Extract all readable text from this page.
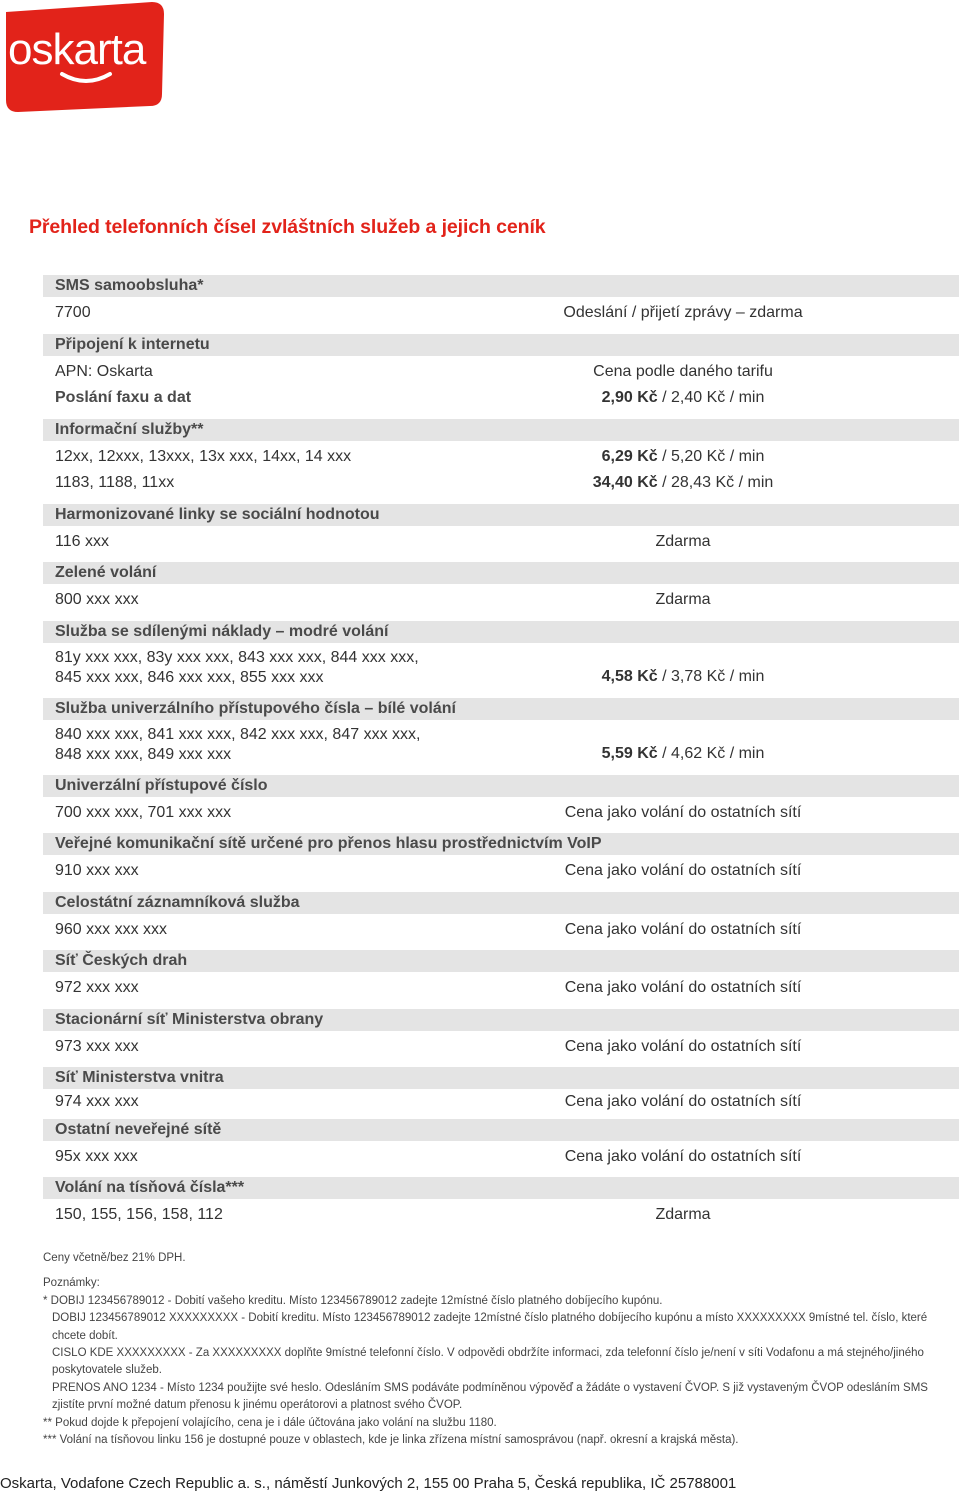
oskarta
Přehled telefonních čísel zvláštních služeb a jejich ceník
SMS samoobsluha*
7700	Odeslání / přijetí zprávy – zdarma
Připojení k internetu
APN: Oskarta	Cena podle daného tarifu
Poslání faxu a dat	2,90 Kč / 2,40 Kč / min
Informační služby**
12xx, 12xxx, 13xxx, 13x xxx, 14xx, 14 xxx	6,29 Kč / 5,20 Kč / min
1183, 1188, 11xx	34,40 Kč / 28,43 Kč / min
Harmonizované linky se sociální hodnotou
116 xxx	Zdarma
Zelené volání
800 xxx xxx	Zdarma
Služba se sdílenými náklady – modré volání
81y xxx xxx, 83y xxx xxx, 843 xxx xxx, 844 xxx xxx,
845 xxx xxx, 846 xxx xxx, 855 xxx xxx	4,58 Kč / 3,78 Kč / min
Služba univerzálního přístupového čísla – bílé volání
840 xxx xxx, 841 xxx xxx, 842 xxx xxx, 847 xxx xxx,
848 xxx xxx, 849 xxx xxx	5,59 Kč / 4,62 Kč / min
Univerzální přístupové číslo
700 xxx xxx, 701 xxx xxx	Cena jako volání do ostatních sítí
Veřejné komunikační sítě určené pro přenos hlasu prostřednictvím VoIP
910 xxx xxx	Cena jako volání do ostatních sítí
Celostátní záznamníková služba
960 xxx xxx xxx	Cena jako volání do ostatních sítí
Síť Českých drah
972 xxx xxx	Cena jako volání do ostatních sítí
Stacionární síť Ministerstva obrany
973 xxx xxx	Cena jako volání do ostatních sítí
Síť Ministerstva vnitra
974 xxx xxx	Cena jako volání do ostatních sítí
Ostatní neveřejné sítě
95x xxx xxx	Cena jako volání do ostatních sítí
Volání na tísňová čísla***
150, 155, 156, 158, 112	Zdarma

Ceny včetně/bez 21% DPH.

Poznámky:

* DOBIJ 123456789012 - Dobití vašeho kreditu. Místo 123456789012 zadejte 12místné číslo platného dobíjecího kupónu.

DOBIJ 123456789012 XXXXXXXXX - Dobití kreditu. Místo 123456789012 zadejte 12místné číslo platného dobíjecího kupónu a místo XXXXXXXXX 9místné tel. číslo, které chcete dobít.

CISLO KDE XXXXXXXXX - Za XXXXXXXXX doplňte 9místné telefonní číslo. V odpovědi obdržíte informaci, zda telefonní číslo je/není v síti Vodafonu a má stejného/jiného poskytovatele služeb.

PRENOS ANO 1234 - Místo 1234 použijte své heslo. Odesláním SMS podáváte podmíněnou výpověď a žádáte o vystavení ČVOP. S již vystaveným ČVOP odesláním SMS zjistíte první možné datum přenosu k jinému operátorovi a platnost svého ČVOP.

** Pokud dojde k přepojení volajícího, cena je i dále účtována jako volání na službu 1180.

*** Volání na tísňovou linku 156 je dostupné pouze v oblastech, kde je linka zřízena místní samosprávou (např. okresní a krajská města).

Oskarta, Vodafone Czech Republic a. s., náměstí Junkových 2, 155 00 Praha 5, Česká republika, IČ 25788001
